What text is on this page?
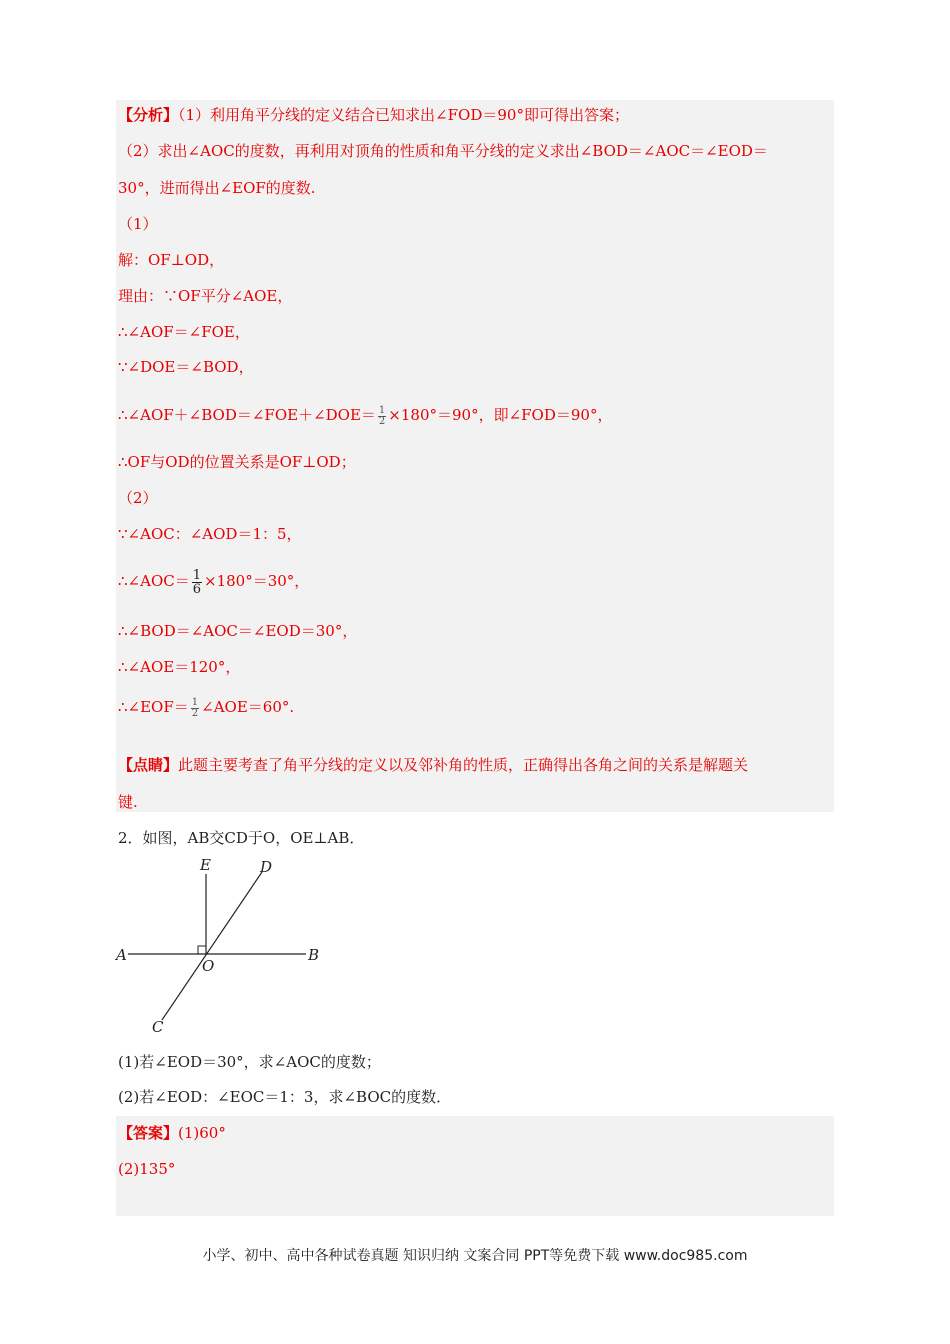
【分析】（1）利用角平分线的定义结合已知求出∠FOD＝90°即可得出答案；
（2）求出∠AOC的度数，再利用对顶角的性质和角平分线的定义求出∠BOD＝∠AOC＝∠EOD＝
30°，进而得出∠EOF的度数.
（1）
解：OF⊥OD，
理由：∵OF平分∠AOE，
∴∠AOF＝∠FOE，
∵∠DOE＝∠BOD，
∴∠AOF＋∠BOD＝∠FOE＋∠DOE＝ $\frac{1}{2} \times 180^\circ=90^\circ$，即∠FOD＝90°，
∴OF与OD的位置关系是OF⊥OD；
（2）
∵∠AOC：∠AOD＝1：5，
∴∠AOC＝ $\frac{1}{6} \times 180^\circ=30^\circ$，
∴∠BOD＝∠AOC＝∠EOD＝30°，
∴∠AOE＝120°，
∴∠EOF＝ $\frac{1}{2}$ ∠AOE＝60°.
【点睛】此题主要考查了角平分线的定义以及邻补角的性质，正确得出各角之间的关系是解题关
键.
2．如图，AB交CD于O，OE⊥AB．
A	B
E	D
O
C
(1)若∠EOD＝30°，求∠AOC的度数；
(2)若∠EOD：∠EOC＝1：3，求∠BOC的度数．
【答案】(1)60°
(2)135°
小学、初中、高中各种试卷真题 知识归纳 文案合同 PPT等免费下载 www.doc985.com
